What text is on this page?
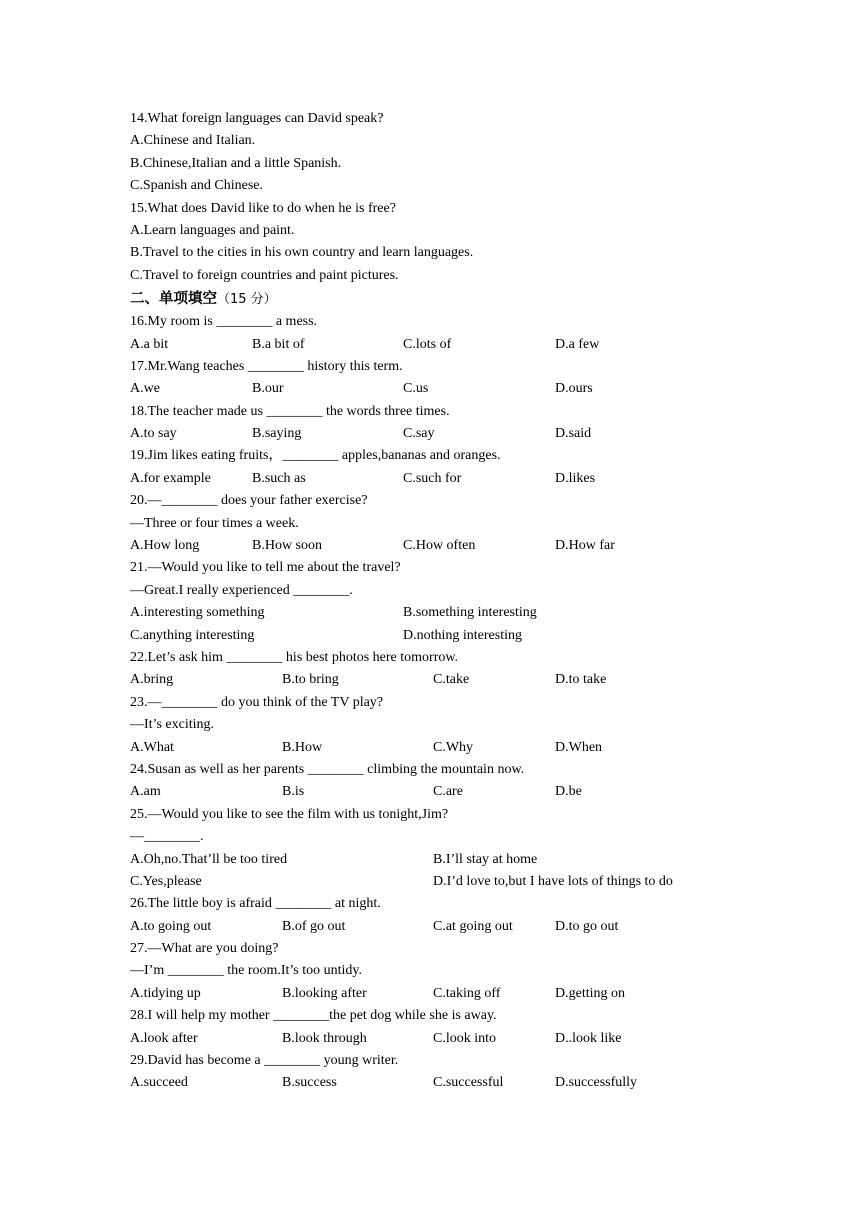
14.What foreign languages can David speak?
A.Chinese and Italian.
B.Chinese,Italian and a little Spanish.
C.Spanish and Chinese.
15.What does David like to do when he is free?
A.Learn languages and paint.
B.Travel to the cities in his own country and learn languages.
C.Travel to foreign countries and paint pictures.
二、单项填空（15 分）
16.My room is ________ a mess.
A.a bit	B.a bit of	C.lots of	D.a few
17.Mr.Wang teaches ________ history this term.
A.we	B.our	C.us	D.ours
18.The teacher made us ________ the words three times.
A.to say	B.saying	C.say	D.said
19.Jim likes eating fruits，________ apples,bananas and oranges.
A.for example	B.such as	C.such for	D.likes
20.—________ does your father exercise?
—Three or four times a week.
A.How long	B.How soon	C.How often	D.How far
21.—Would you like to tell me about the travel?
—Great.I really experienced ________.
A.interesting something	B.something interesting
C.anything interesting	D.nothing interesting
22.Let’s ask him ________ his best photos here tomorrow.
A.bring	B.to bring	C.take	D.to take
23.—________ do you think of the TV play?
—It’s exciting.
A.What	B.How	C.Why	D.When
24.Susan as well as her parents ________ climbing the mountain now.
A.am	B.is	C.are	D.be
25.—Would you like to see the film with us tonight,Jim?
—________.
A.Oh,no.That’ll be too tired	B.I’ll stay at home
C.Yes,please	D.I’d love to,but I have lots of things to do
26.The little boy is afraid ________ at night.
A.to going out	B.of go out	C.at going out	D.to go out
27.—What are you doing?
—I’m ________ the room.It’s too untidy.
A.tidying up	B.looking after	C.taking off	D.getting on
28.I will help my mother ________the pet dog while she is away.
A.look after	B.look through	C.look into	D..look like
29.David has become a ________ young writer.
A.succeed	B.success	C.successful	D.successfully
